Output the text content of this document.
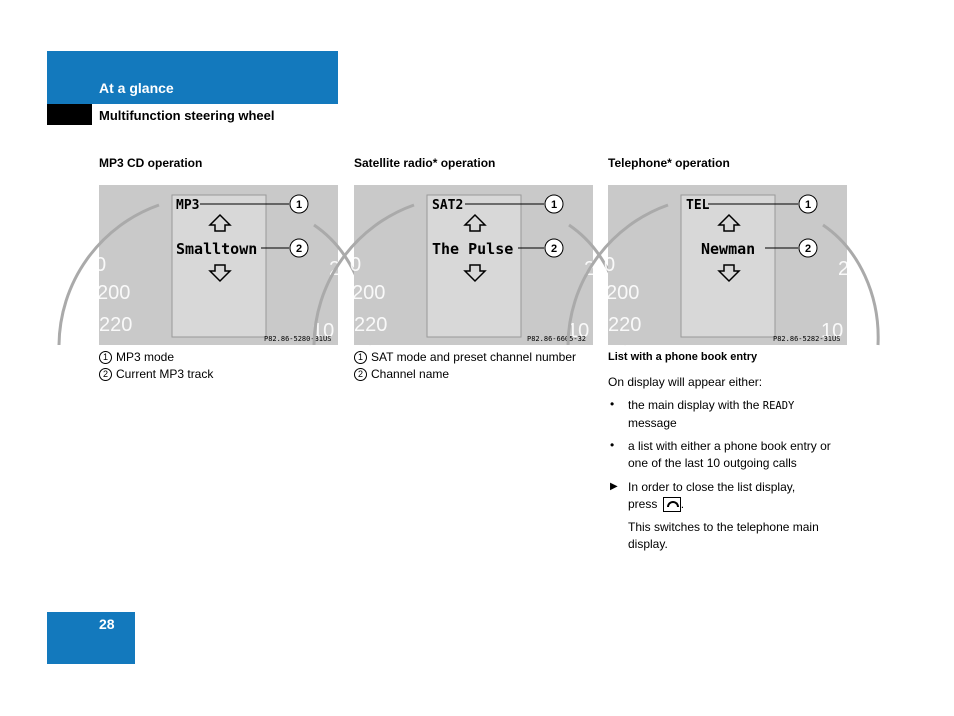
At a glance
Multifunction steering wheel
MP3 CD operation	Satellite radio* operation	Telephone* operation
0
200
220
2
10
MP3
Smalltown
1
2
P82.86-5280-31US
0
200
220
2
10
SAT2
The Pulse
1
2
P82.86-6605-32
0
200
220
2
10
TEL
Newman
1
2
P82.86-5282-31US
1 MP3 mode
2 Current MP3 track
1 SAT mode and preset channel number
2 Channel name
List with a phone book entry
On display will appear either:
• the main display with the READY
message
• a list with either a phone book entry or one of the last 10 outgoing calls
▶ In order to close the list display,
press .
This switches to the telephone main display.
28
